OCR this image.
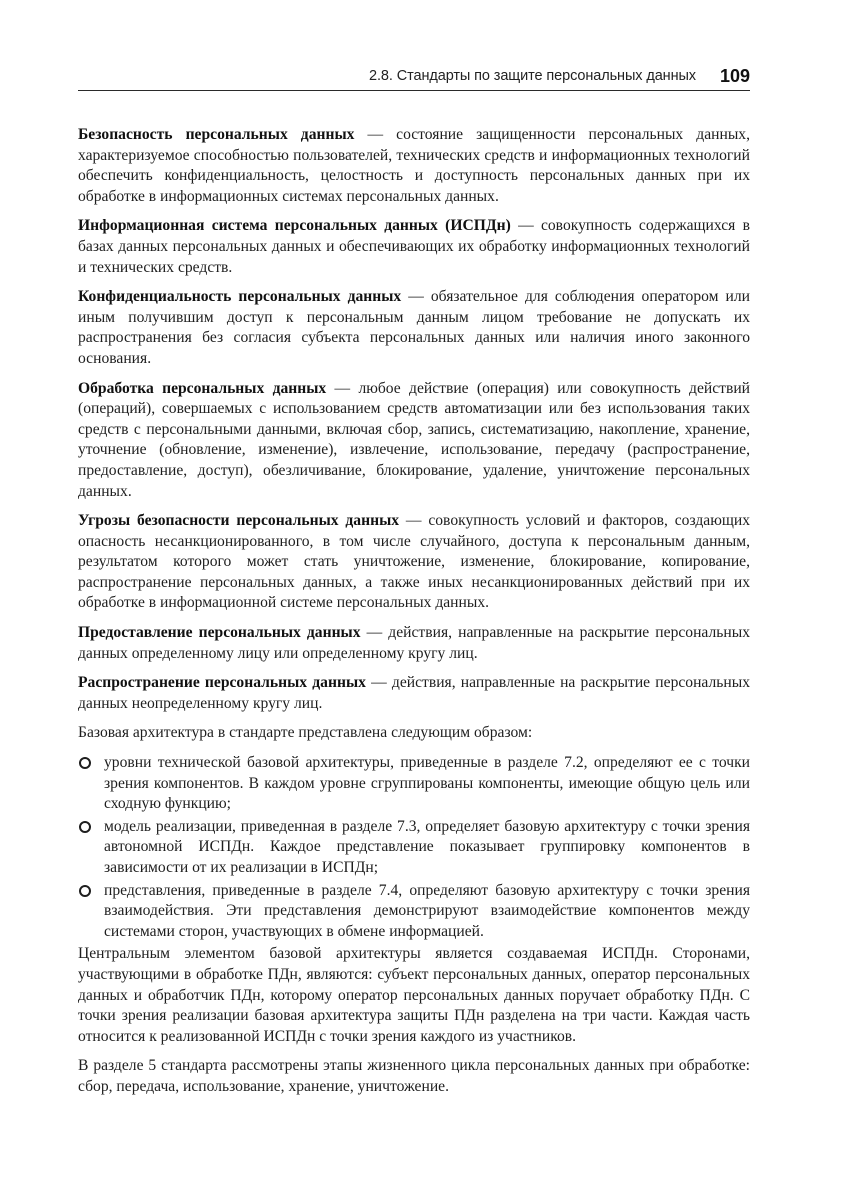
2.8. Стандарты по защите персональных данных 109

Безопасность персональных данных — состояние защищенности персональных данных, характеризуемое способностью пользователей, технических средств и информационных технологий обеспечить конфиденциальность, целостность и доступность персональных данных при их обработке в информационных системах персональных данных.

Информационная система персональных данных (ИСПДн) — совокупность содержащихся в базах данных персональных данных и обеспечивающих их обработку информационных технологий и технических средств.

Конфиденциальность персональных данных — обязательное для соблюдения оператором или иным получившим доступ к персональным данным лицом требование не допускать их распространения без согласия субъекта персональных данных или наличия иного законного основания.

Обработка персональных данных — любое действие (операция) или совокупность действий (операций), совершаемых с использованием средств автоматизации или без использования таких средств с персональными данными, включая сбор, запись, систематизацию, накопление, хранение, уточнение (обновление, изменение), извлечение, использование, передачу (распространение, предоставление, доступ), обезличивание, блокирование, удаление, уничтожение персональных данных.

Угрозы безопасности персональных данных — совокупность условий и факторов, создающих опасность несанкционированного, в том числе случайного, доступа к персональным данным, результатом которого может стать уничтожение, изменение, блокирование, копирование, распространение персональных данных, а также иных несанкционированных действий при их обработке в информационной системе персональных данных.

Предоставление персональных данных — действия, направленные на раскрытие персональных данных определенному лицу или определенному кругу лиц.

Распространение персональных данных — действия, направленные на раскрытие персональных данных неопределенному кругу лиц.

Базовая архитектура в стандарте представлена следующим образом:

уровни технической базовой архитектуры, приведенные в разделе 7.2, определяют ее с точки зрения компонентов. В каждом уровне сгруппированы компоненты, имеющие общую цель или сходную функцию;
модель реализации, приведенная в разделе 7.3, определяет базовую архитектуру с точки зрения автономной ИСПДн. Каждое представление показывает группировку компонентов в зависимости от их реализации в ИСПДн;
представления, приведенные в разделе 7.4, определяют базовую архитектуру с точки зрения взаимодействия. Эти представления демонстрируют взаимодействие компонентов между системами сторон, участвующих в обмене информацией.

Центральным элементом базовой архитектуры является создаваемая ИСПДн. Сторонами, участвующими в обработке ПДн, являются: субъект персональных данных, оператор персональных данных и обработчик ПДн, которому оператор персональных данных поручает обработку ПДн. С точки зрения реализации базовая архитектура защиты ПДн разделена на три части. Каждая часть относится к реализованной ИСПДн с точки зрения каждого из участников.

В разделе 5 стандарта рассмотрены этапы жизненного цикла персональных данных при обработке: сбор, передача, использование, хранение, уничтожение.
